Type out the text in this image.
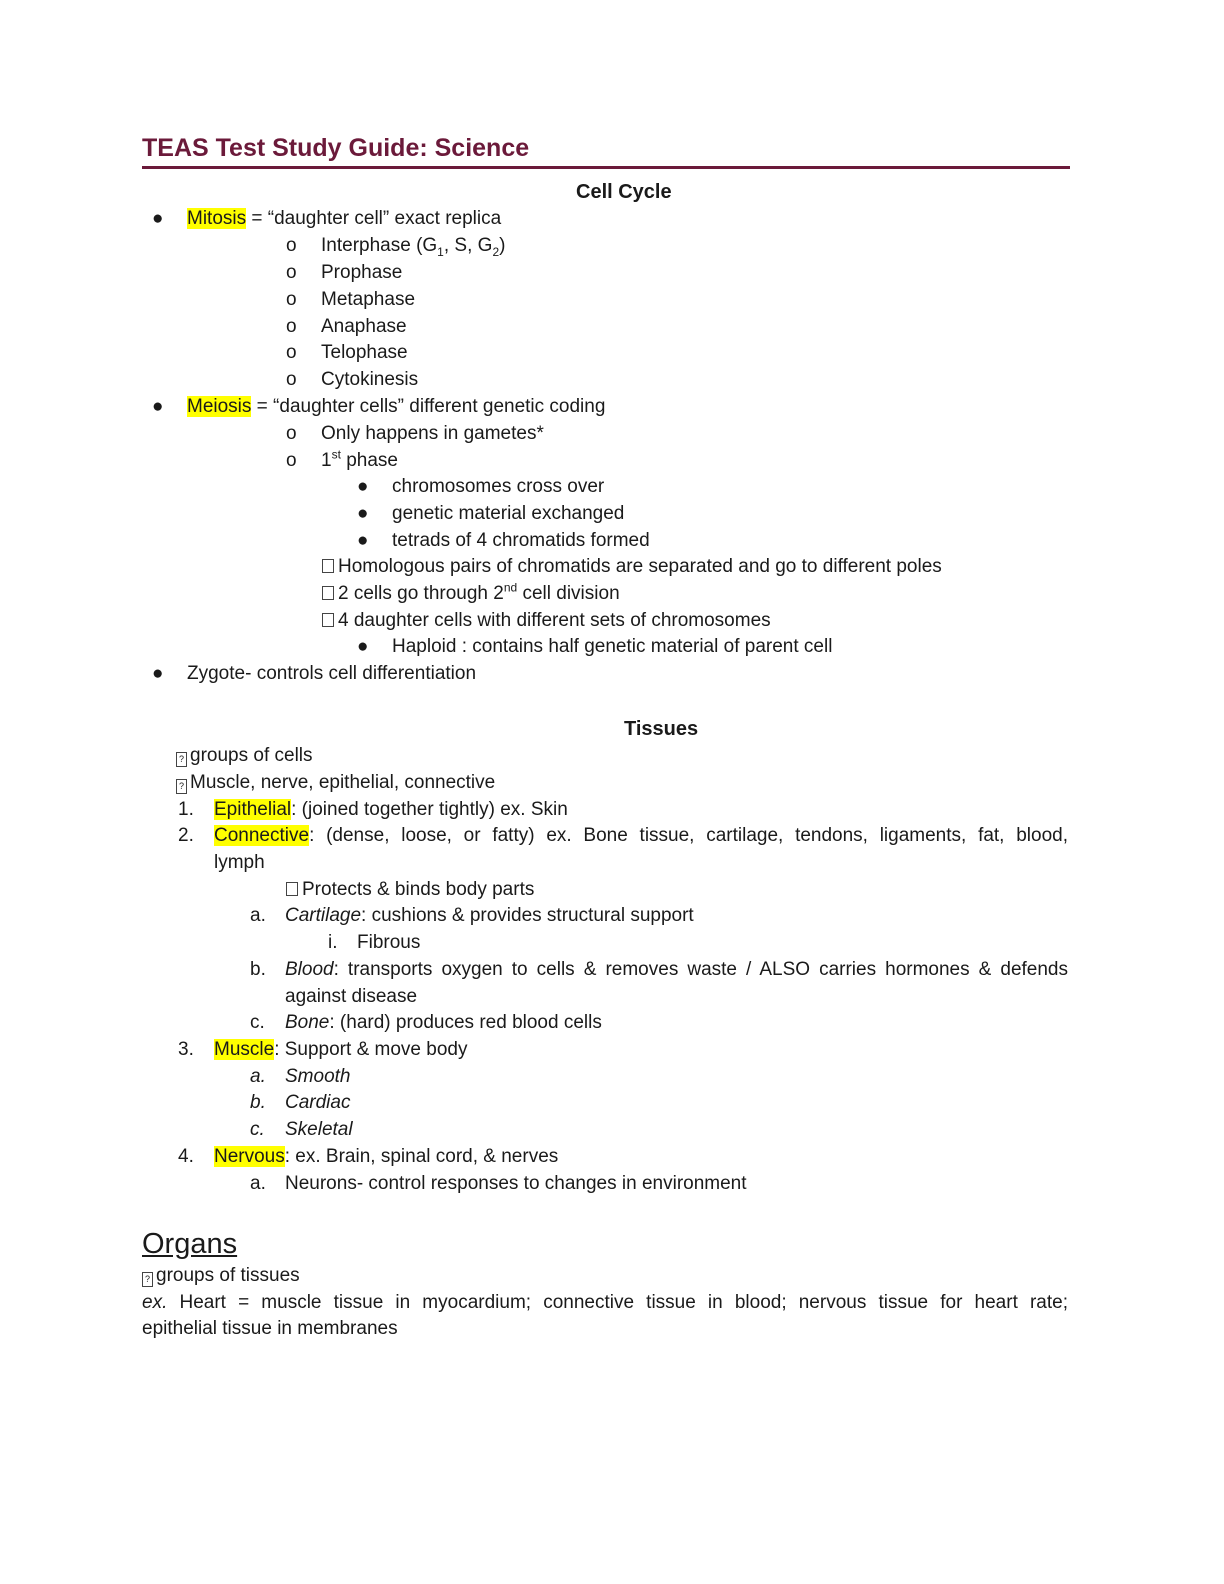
TEAS Test Study Guide: Science
Cell Cycle
● Mitosis = “daughter cell” exact replica
o Interphase ($G_1$, S, $G_2$)
o Prophase
o Metaphase
o Anaphase
o Telophase
o Cytokinesis
● Meiosis = “daughter cells” different genetic coding
o Only happens in gametes*
o 1st phase
● chromosomes cross over
● genetic material exchanged
● tetrads of 4 chromatids formed
Homologous pairs of chromatids are separated and go to different poles
2 cells go through 2nd cell division
4 daughter cells with different sets of chromosomes
● Haploid : contains half genetic material of parent cell
● Zygote- controls cell differentiation
Tissues
? groups of cells
? Muscle, nerve, epithelial, connective
1. Epithelial: (joined together tightly) ex. Skin
2. Connective: (dense, loose, or fatty) ex. Bone tissue, cartilage, tendons, ligaments, fat, blood,
lymph
Protects & binds body parts
a. Cartilage: cushions & provides structural support
i. Fibrous
b. Blood: transports oxygen to cells & removes waste / ALSO carries hormones & defends
against disease
c. Bone: (hard) produces red blood cells
3. Muscle: Support & move body
a. Smooth
b. Cardiac
c. Skeletal
4. Nervous: ex. Brain, spinal cord, & nerves
a. Neurons- control responses to changes in environment
Organs
? groups of tissues
ex. Heart = muscle tissue in myocardium; connective tissue in blood; nervous tissue for heart rate;
epithelial tissue in membranes
